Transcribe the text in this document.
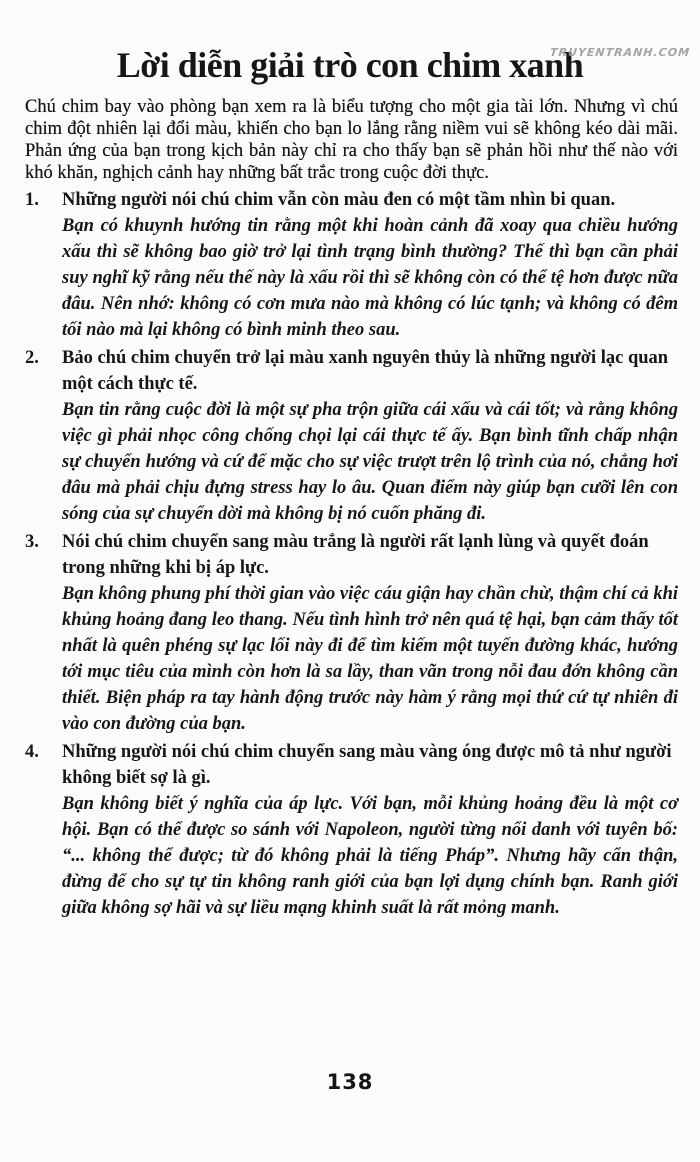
TRUYENTRANH.COM
Lời diễn giải trò con chim xanh

Chú chim bay vào phòng bạn xem ra là biểu tượng cho một gia tài lớn. Nhưng vì chú chim đột nhiên lại đổi màu, khiến cho bạn lo lắng rằng niềm vui sẽ không kéo dài mãi. Phản ứng của bạn trong kịch bản này chỉ ra cho thấy bạn sẽ phản hồi như thế nào với khó khăn, nghịch cảnh hay những bất trắc trong cuộc đời thực.

1.	Những người nói chú chim vẫn còn màu đen có một tầm nhìn bi quan.
Bạn có khuynh hướng tin rằng một khi hoàn cảnh đã xoay qua chiều hướng xấu thì sẽ không bao giờ trở lại tình trạng bình thường? Thế thì bạn cần phải suy nghĩ kỹ rằng nếu thế này là xấu rồi thì sẽ không còn có thể tệ hơn được nữa đâu. Nên nhớ: không có cơn mưa nào mà không có lúc tạnh; và không có đêm tối nào mà lại không có bình minh theo sau.
2.	Bảo chú chim chuyển trở lại màu xanh nguyên thủy là những người lạc quan một cách thực tế.
Bạn tin rằng cuộc đời là một sự pha trộn giữa cái xấu và cái tốt; và rằng không việc gì phải nhọc công chống chọi lại cái thực tế ấy. Bạn bình tĩnh chấp nhận sự chuyển hướng và cứ để mặc cho sự việc trượt trên lộ trình của nó, chẳng hơi đâu mà phải chịu đựng stress hay lo âu. Quan điểm này giúp bạn cưỡi lên con sóng của sự chuyển dời mà không bị nó cuốn phăng đi.
3.	Nói chú chim chuyển sang màu trắng là người rất lạnh lùng và quyết đoán trong những khi bị áp lực.
Bạn không phung phí thời gian vào việc cáu giận hay chần chừ, thậm chí cả khi khủng hoảng đang leo thang. Nếu tình hình trở nên quá tệ hại, bạn cảm thấy tốt nhất là quên phéng sự lạc lối này đi để tìm kiếm một tuyến đường khác, hướng tới mục tiêu của mình còn hơn là sa lầy, than vãn trong nỗi đau đớn không cần thiết. Biện pháp ra tay hành động trước này hàm ý rằng mọi thứ cứ tự nhiên đi vào con đường của bạn.
4.	Những người nói chú chim chuyển sang màu vàng óng được mô tả như người không biết sợ là gì.
Bạn không biết ý nghĩa của áp lực. Với bạn, mỗi khủng hoảng đều là một cơ hội. Bạn có thể được so sánh với Napoleon, người từng nổi danh với tuyên bố: “... không thể được; từ đó không phải là tiếng Pháp”. Nhưng hãy cẩn thận, đừng để cho sự tự tin không ranh giới của bạn lợi dụng chính bạn. Ranh giới giữa không sợ hãi và sự liều mạng khinh suất là rất mỏng manh.
138
